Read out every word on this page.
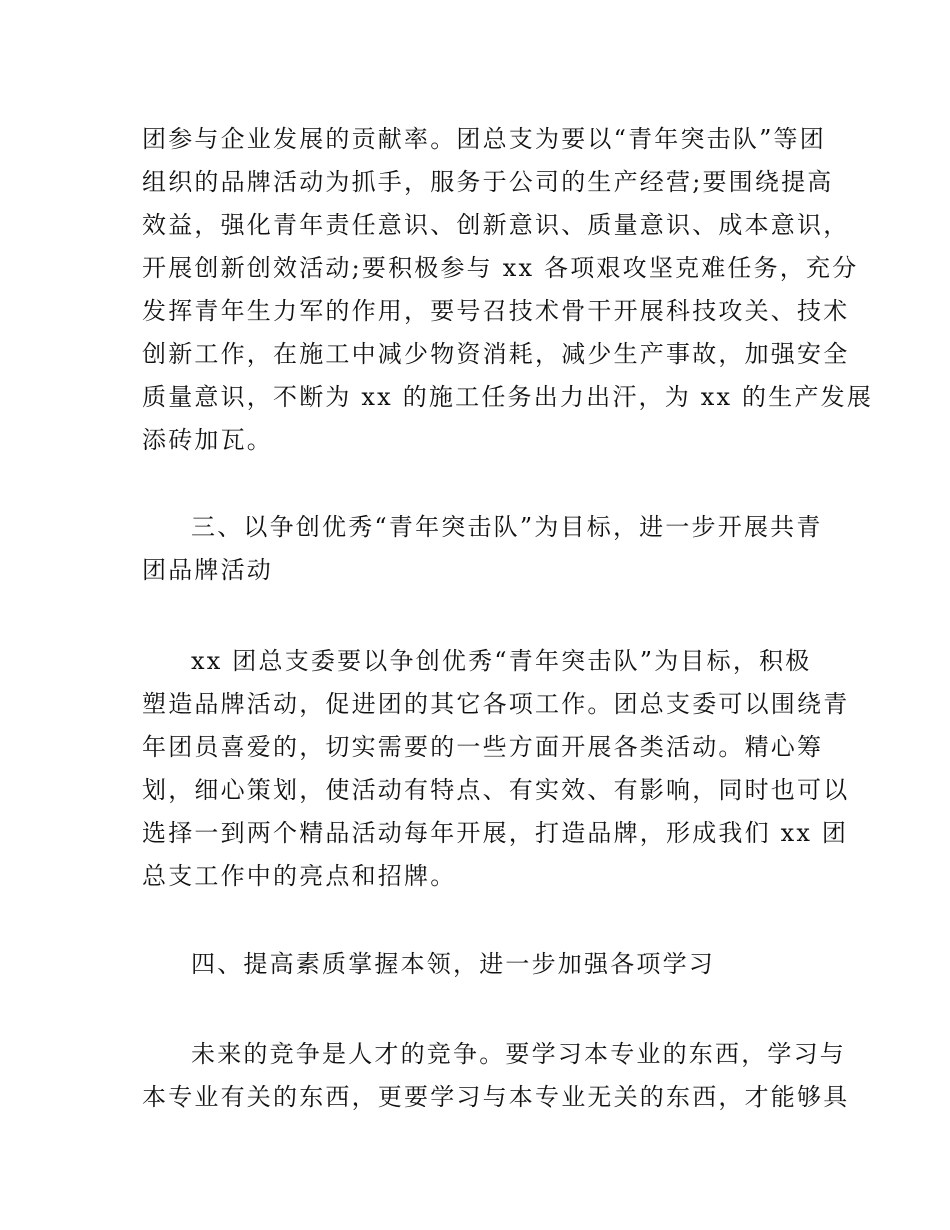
团参与企业发展的贡献率。团总支为要以“青年突击队”等团
组织的品牌活动为抓手，服务于公司的生产经营;要围绕提高
效益，强化青年责任意识、创新意识、质量意识、成本意识，
开展创新创效活动;要积极参与 xx 各项艰攻坚克难任务，充分
发挥青年生力军的作用，要号召技术骨干开展科技攻关、技术
创新工作，在施工中减少物资消耗，减少生产事故，加强安全
质量意识，不断为 xx 的施工任务出力出汗，为 xx 的生产发展
添砖加瓦。
三、以争创优秀“青年突击队”为目标，进一步开展共青
团品牌活动
xx 团总支委要以争创优秀“青年突击队”为目标，积极
塑造品牌活动，促进团的其它各项工作。团总支委可以围绕青
年团员喜爱的，切实需要的一些方面开展各类活动。精心筹
划，细心策划，使活动有特点、有实效、有影响，同时也可以
选择一到两个精品活动每年开展，打造品牌，形成我们 xx 团
总支工作中的亮点和招牌。
四、提高素质掌握本领，进一步加强各项学习
未来的竞争是人才的竞争。要学习本专业的东西，学习与
本专业有关的东西，更要学习与本专业无关的东西，才能够具
